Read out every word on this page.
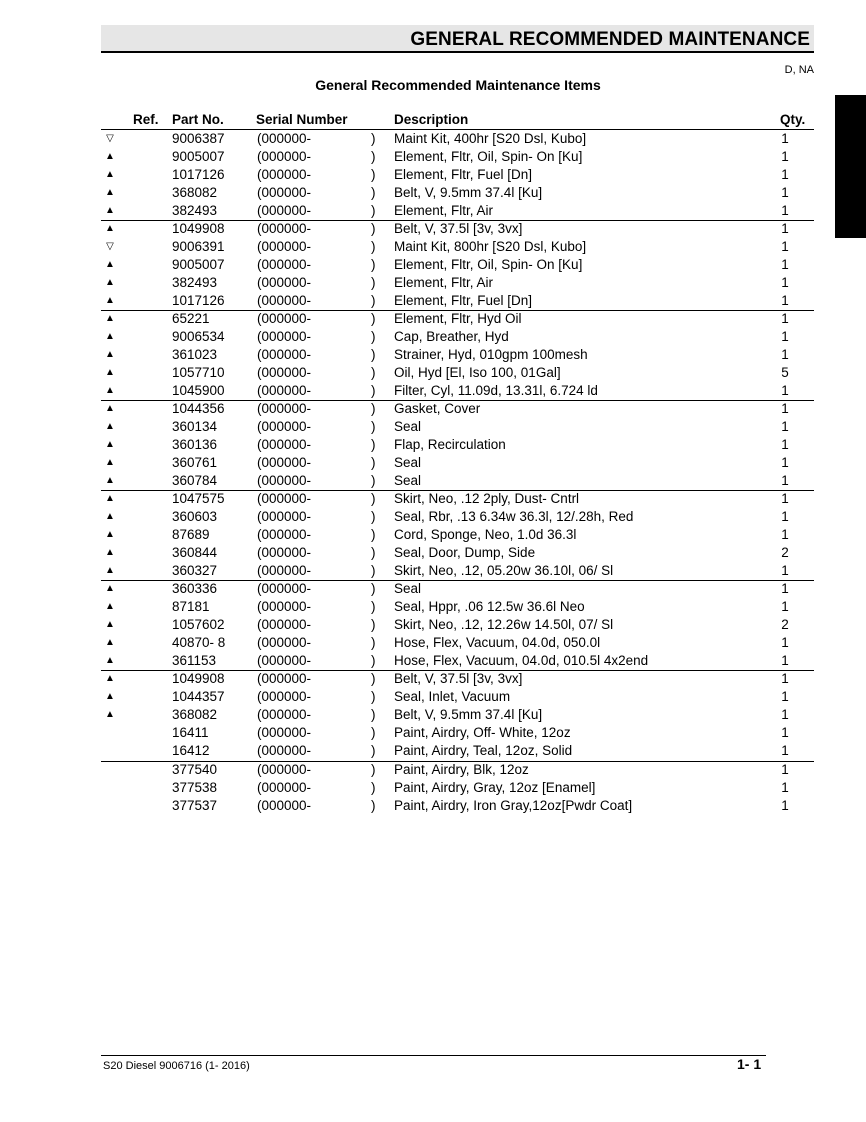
GENERAL RECOMMENDED MAINTENANCE
D, NA
General Recommended Maintenance Items
Ref. Part No. Serial Number	Description	Qty.
▽	9006387 (000000-	) Maint Kit, 400hr [S20 Dsl, Kubo]	1
▲	9005007 (000000-	) Element, Fltr, Oil, Spin- On [Ku]	1
▲	1017126 (000000-	) Element, Fltr, Fuel [Dn]	1
▲	368082	(000000-	) Belt, V, 9.5mm 37.4l [Ku]	1
▲	382493	(000000-	) Element, Fltr, Air	1
▲	1049908 (000000-	) Belt, V, 37.5l [3v, 3vx]	1
▽	9006391 (000000-	) Maint Kit, 800hr [S20 Dsl, Kubo]	1
▲	9005007 (000000-	) Element, Fltr, Oil, Spin- On [Ku]	1
▲	382493	(000000-	) Element, Fltr, Air	1
▲	1017126 (000000-	) Element, Fltr, Fuel [Dn]	1
▲	65221	(000000-	) Element, Fltr, Hyd Oil	1
▲	9006534 (000000-	) Cap, Breather, Hyd	1
▲	361023	(000000-	) Strainer, Hyd, 010gpm 100mesh	1
▲	1057710 (000000-	) Oil, Hyd [El, Iso 100, 01Gal]	5
▲	1045900 (000000-	) Filter, Cyl, 11.09d, 13.31l, 6.724 ld	1
▲	1044356 (000000-	) Gasket, Cover	1
▲	360134	(000000-	) Seal	1
▲	360136	(000000-	) Flap, Recirculation	1
▲	360761	(000000-	) Seal	1
▲	360784	(000000-	) Seal	1
▲	1047575 (000000-	) Skirt, Neo, .12 2ply, Dust- Cntrl	1
▲	360603	(000000-	) Seal, Rbr, .13 6.34w 36.3l, 12/.28h, Red	1
▲	87689	(000000-	) Cord, Sponge, Neo, 1.0d 36.3l	1
▲	360844	(000000-	) Seal, Door, Dump, Side	2
▲	360327	(000000-	) Skirt, Neo, .12, 05.20w 36.10l, 06/ Sl	1
▲	360336	(000000-	) Seal	1
▲	87181	(000000-	) Seal, Hppr, .06 12.5w 36.6l Neo	1
▲	1057602 (000000-	) Skirt, Neo, .12, 12.26w 14.50l, 07/ Sl	2
▲	40870- 8 (000000-	) Hose, Flex, Vacuum, 04.0d, 050.0l	1
▲	361153	(000000-	) Hose, Flex, Vacuum, 04.0d, 010.5l 4x2end	1
▲	1049908 (000000-	) Belt, V, 37.5l [3v, 3vx]	1
▲	1044357 (000000-	) Seal, Inlet, Vacuum	1
▲	368082	(000000-	) Belt, V, 9.5mm 37.4l [Ku]	1
16411	(000000-	) Paint, Airdry, Off- White, 12oz	1
16412	(000000-	) Paint, Airdry, Teal, 12oz, Solid	1
377540	(000000-	) Paint, Airdry, Blk, 12oz	1
377538	(000000-	) Paint, Airdry, Gray, 12oz [Enamel]	1
377537	(000000-	) Paint, Airdry, Iron Gray,12oz[Pwdr Coat]	1
S20 Diesel 9006716 (1- 2016)	1- 1
